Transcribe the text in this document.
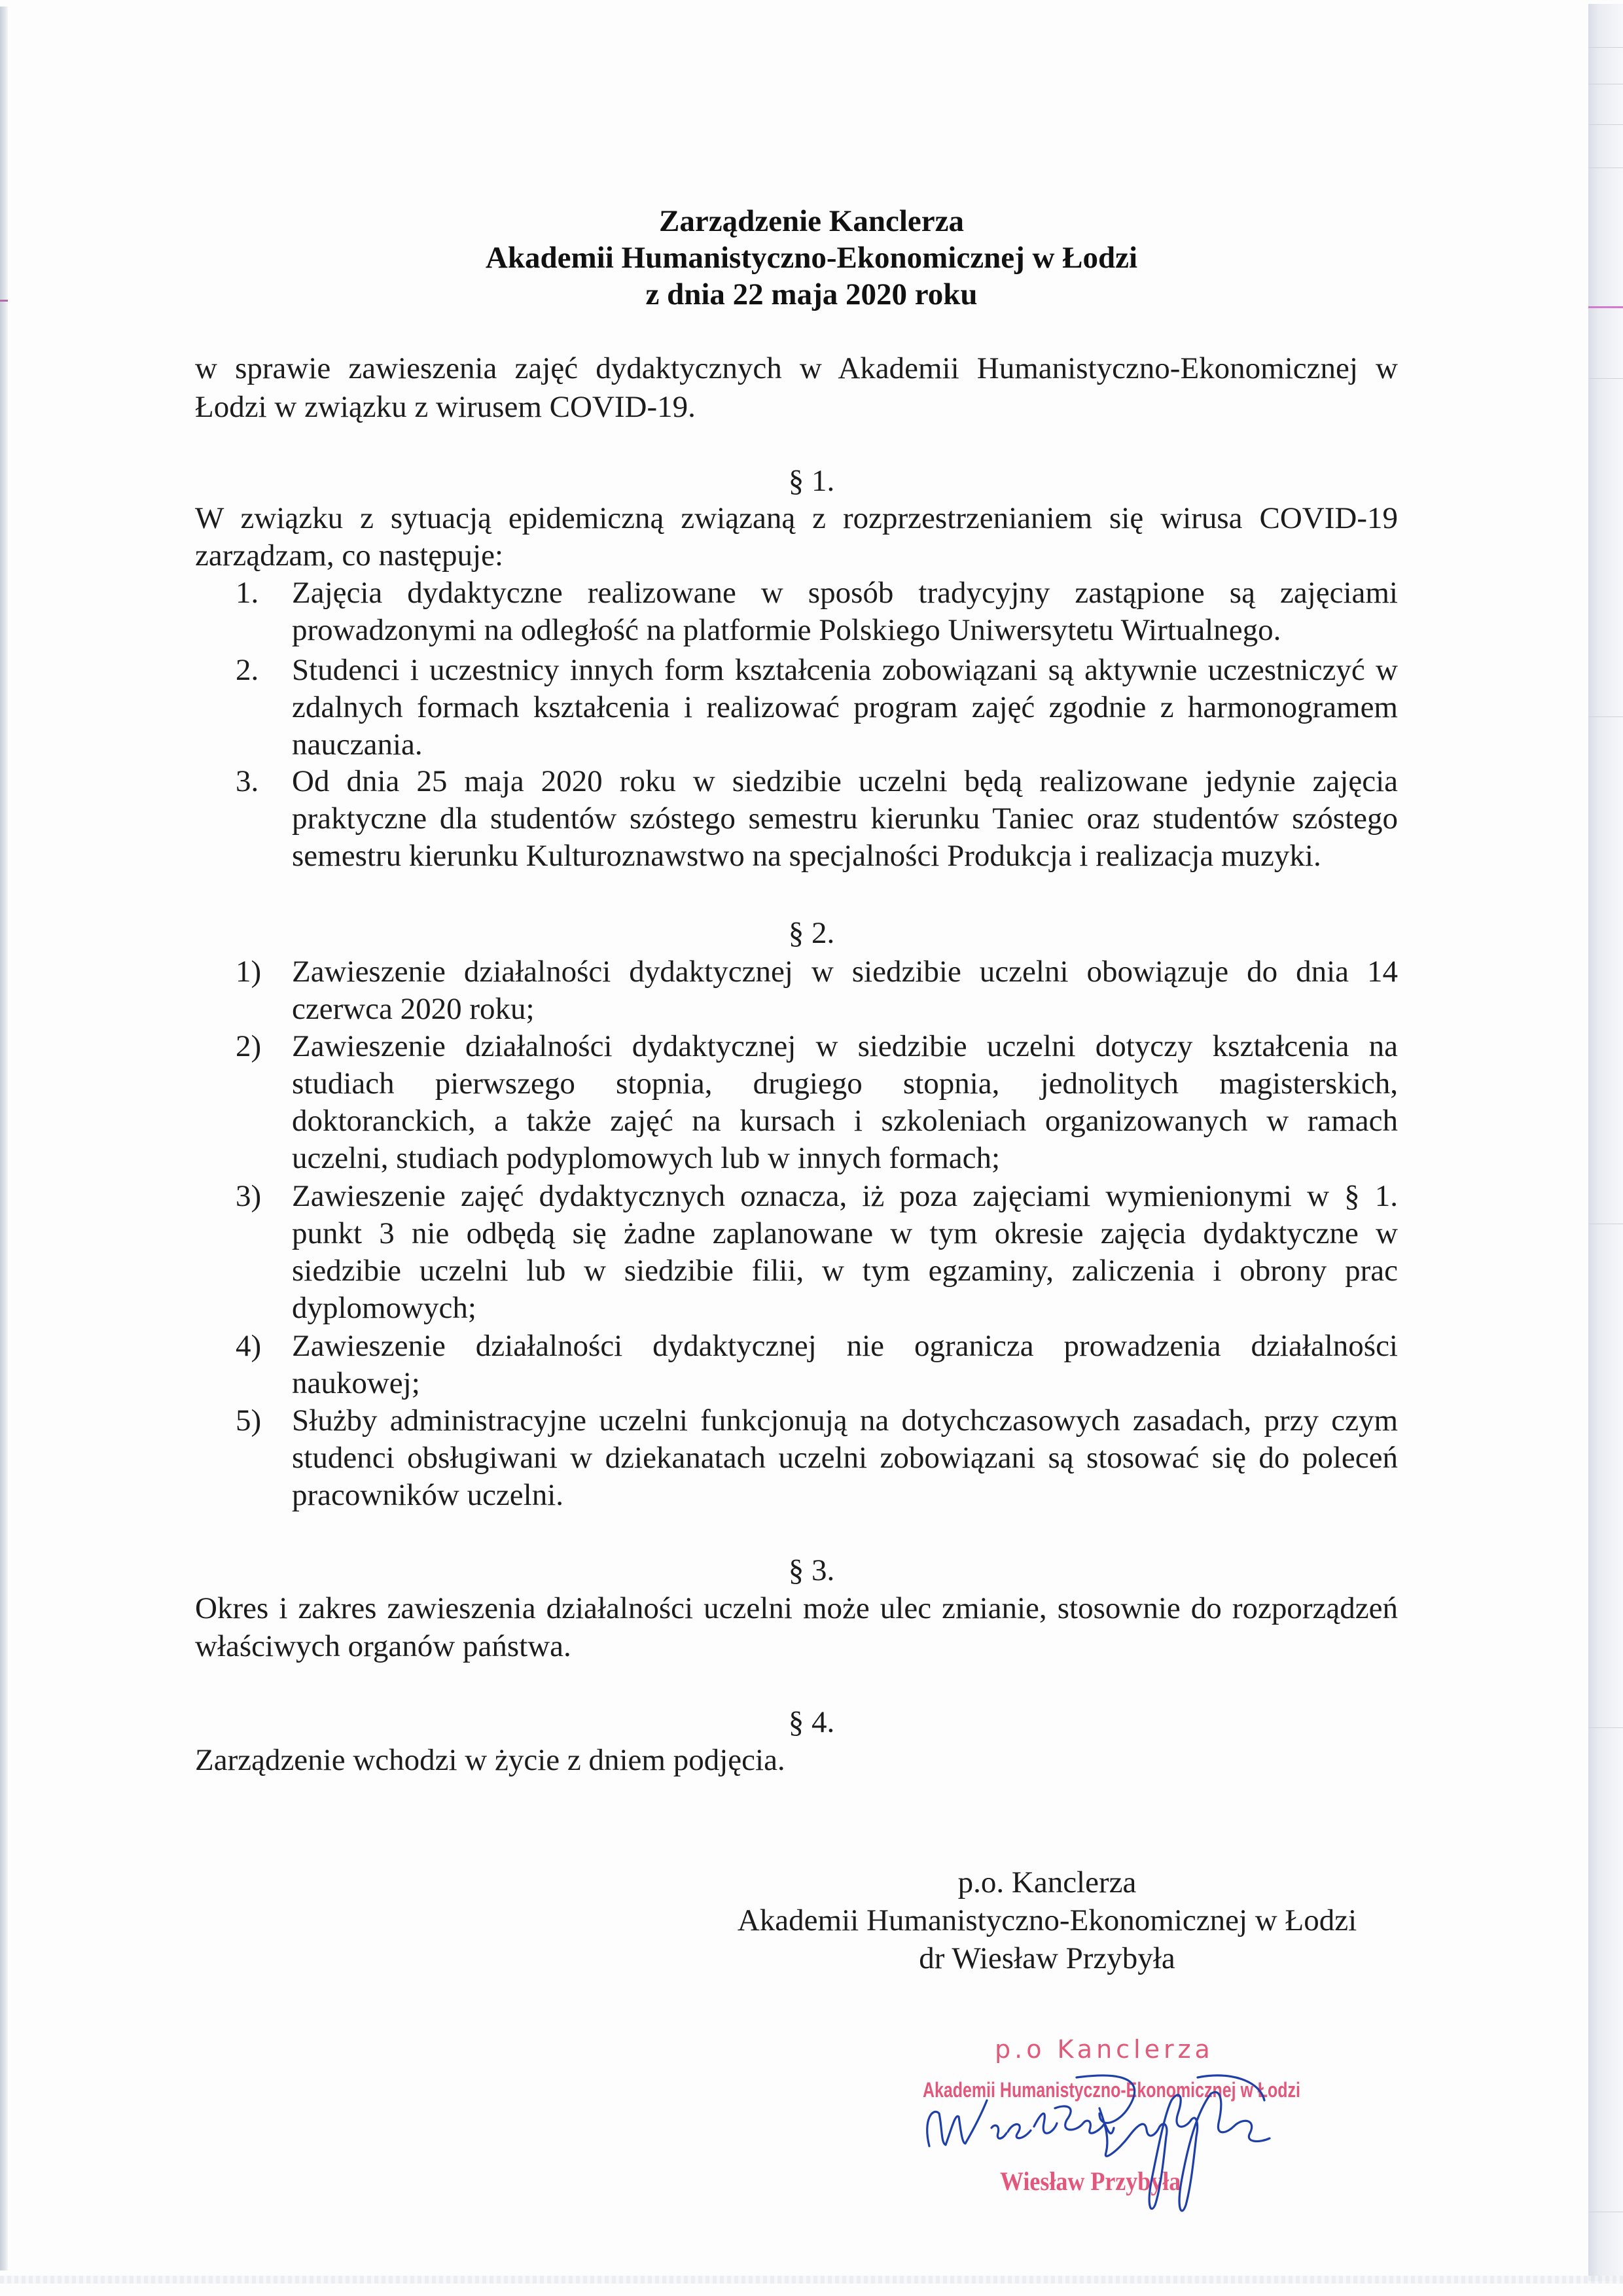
Zarządzenie Kanclerza
Akademii Humanistyczno-Ekonomicznej w Łodzi
z dnia 22 maja 2020 roku
w sprawie zawieszenia zajęć dydaktycznych w Akademii Humanistyczno-Ekonomicznej w
Łodzi w związku z wirusem COVID-19.
§ 1.
W związku z sytuacją epidemiczną związaną z rozprzestrzenianiem się wirusa COVID-19
zarządzam, co następuje:
1.	Zajęcia dydaktyczne realizowane w sposób tradycyjny zastąpione są zajęciami
prowadzonymi na odległość na platformie Polskiego Uniwersytetu Wirtualnego.
2.	Studenci i uczestnicy innych form kształcenia zobowiązani są aktywnie uczestniczyć w
zdalnych formach kształcenia i realizować program zajęć zgodnie z harmonogramem
nauczania.
3.	Od dnia 25 maja 2020 roku w siedzibie uczelni będą realizowane jedynie zajęcia
praktyczne dla studentów szóstego semestru kierunku Taniec oraz studentów szóstego
semestru kierunku Kulturoznawstwo na specjalności Produkcja i realizacja muzyki.
§ 2.
1) Zawieszenie działalności dydaktycznej w siedzibie uczelni obowiązuje do dnia 14
czerwca 2020 roku;
2) Zawieszenie działalności dydaktycznej w siedzibie uczelni dotyczy kształcenia na
studiach pierwszego stopnia, drugiego stopnia, jednolitych magisterskich,
doktoranckich, a także zajęć na kursach i szkoleniach organizowanych w ramach
uczelni, studiach podyplomowych lub w innych formach;
3) Zawieszenie zajęć dydaktycznych oznacza, iż poza zajęciami wymienionymi w § 1.
punkt 3 nie odbędą się żadne zaplanowane w tym okresie zajęcia dydaktyczne w
siedzibie uczelni lub w siedzibie filii, w tym egzaminy, zaliczenia i obrony prac
dyplomowych;
4) Zawieszenie działalności dydaktycznej nie ogranicza prowadzenia działalności
naukowej;
5) Służby administracyjne uczelni funkcjonują na dotychczasowych zasadach, przy czym
studenci obsługiwani w dziekanatach uczelni zobowiązani są stosować się do poleceń
pracowników uczelni.
§ 3.
Okres i zakres zawieszenia działalności uczelni może ulec zmianie, stosownie do rozporządzeń
właściwych organów państwa.
§ 4.
Zarządzenie wchodzi w życie z dniem podjęcia.
p.o. Kanclerza
Akademii Humanistyczno-Ekonomicznej w Łodzi
dr Wiesław Przybyła
p.o Kanclerza
Akademii Humanistyczno-Ekonomicznej w Łodzi
Wiesław Przybyła
